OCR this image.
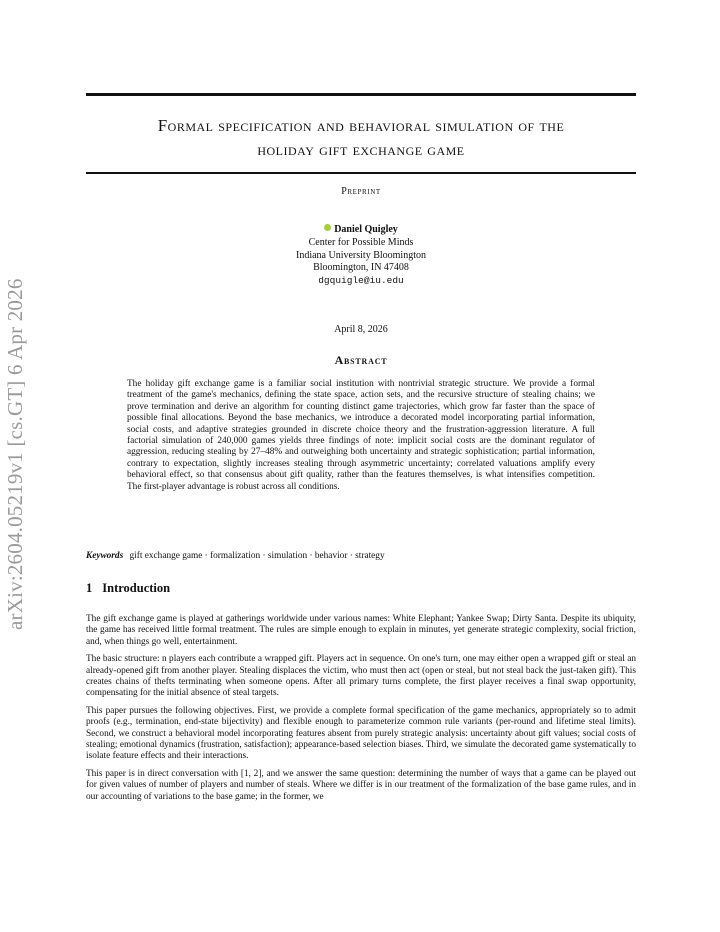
arXiv:2604.05219v1 [cs.GT] 6 Apr 2026
Formal specification and behavioral simulation of the
holiday gift exchange game
Preprint
Daniel Quigley
Center for Possible Minds
Indiana University Bloomington
Bloomington, IN 47408
dgquigle@iu.edu
April 8, 2026
Abstract
The holiday gift exchange game is a familiar social institution with nontrivial strategic structure. We provide a formal treatment of the game's mechanics, defining the state space, action sets, and the recursive structure of stealing chains; we prove termination and derive an algorithm for counting distinct game trajectories, which grow far faster than the space of possible final allocations. Beyond the base mechanics, we introduce a decorated model incorporating partial information, social costs, and adaptive strategies grounded in discrete choice theory and the frustration-aggression literature. A full factorial simulation of 240,000 games yields three findings of note: implicit social costs are the dominant regulator of aggression, reducing stealing by 27–48% and outweighing both uncertainty and strategic sophistication; partial information, contrary to expectation, slightly increases stealing through asymmetric uncertainty; correlated valuations amplify every behavioral effect, so that consensus about gift quality, rather than the features themselves, is what intensifies competition. The first-player advantage is robust across all conditions.
Keywords gift exchange game · formalization · simulation · behavior · strategy
1 Introduction

The gift exchange game is played at gatherings worldwide under various names: White Elephant; Yankee Swap; Dirty Santa. Despite its ubiquity, the game has received little formal treatment. The rules are simple enough to explain in minutes, yet generate strategic complexity, social friction, and, when things go well, entertainment.

The basic structure: n players each contribute a wrapped gift. Players act in sequence. On one's turn, one may either open a wrapped gift or steal an already-opened gift from another player. Stealing displaces the victim, who must then act (open or steal, but not steal back the just-taken gift). This creates chains of thefts terminating when someone opens. After all primary turns complete, the first player receives a final swap opportunity, compensating for the initial absence of steal targets.

This paper pursues the following objectives. First, we provide a complete formal specification of the game mechanics, appropriately so to admit proofs (e.g., termination, end-state bijectivity) and flexible enough to parameterize common rule variants (per-round and lifetime steal limits). Second, we construct a behavioral model incorporating features absent from purely strategic analysis: uncertainty about gift values; social costs of stealing; emotional dynamics (frustration, satisfaction); appearance-based selection biases. Third, we simulate the decorated game systematically to isolate feature effects and their interactions.

This paper is in direct conversation with [1, 2], and we answer the same question: determining the number of ways that a game can be played out for given values of number of players and number of steals. Where we differ is in our treatment of the formalization of the base game rules, and in our accounting of variations to the base game; in the former, we
